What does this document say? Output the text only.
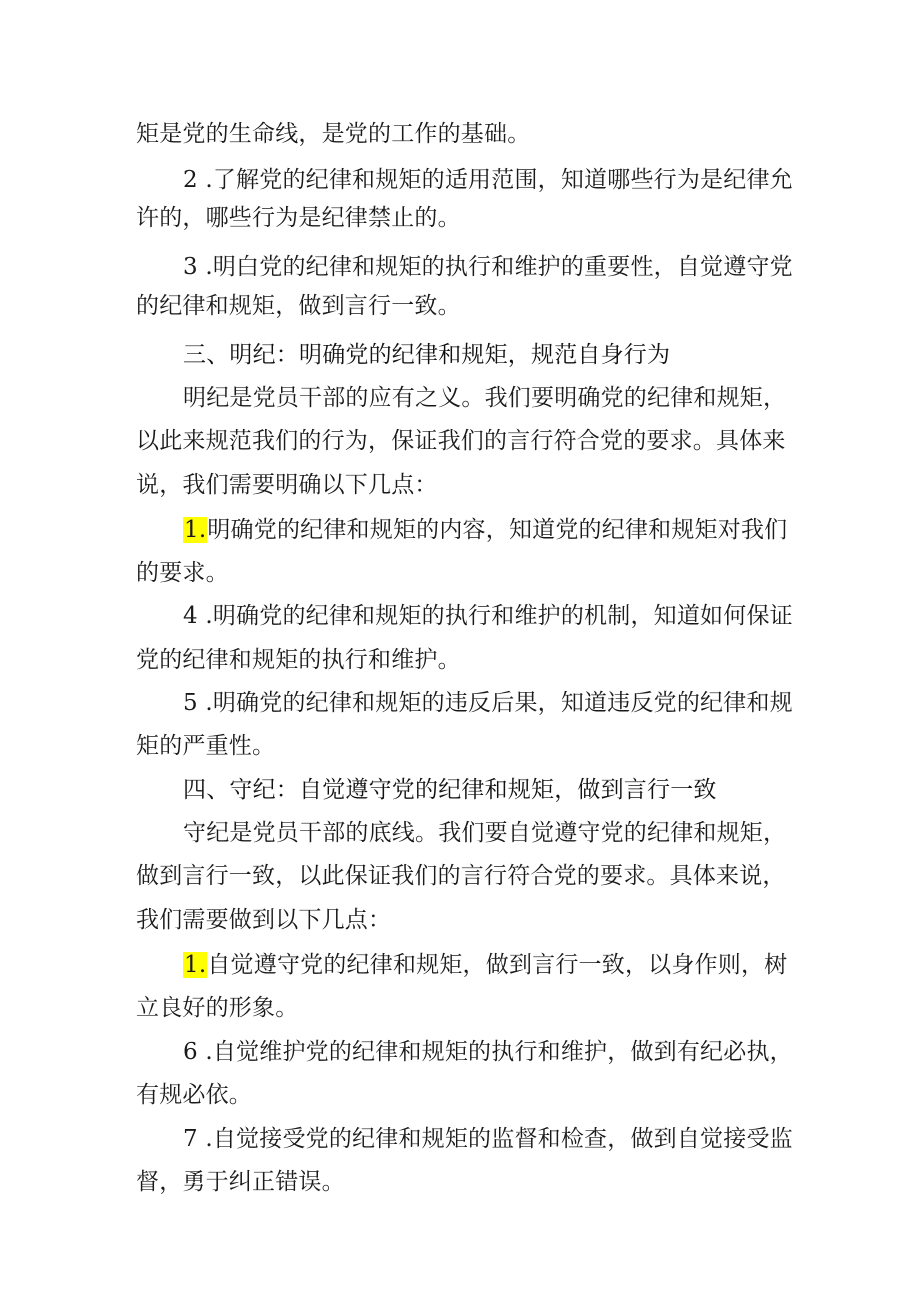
矩是党的生命线，是党的工作的基础。
2 .了解党的纪律和规矩的适用范围，知道哪些行为是纪律允
许的，哪些行为是纪律禁止的。
3 .明白党的纪律和规矩的执行和维护的重要性，自觉遵守党
的纪律和规矩，做到言行一致。
三、明纪：明确党的纪律和规矩，规范自身行为
明纪是党员干部的应有之义。我们要明确党的纪律和规矩，
以此来规范我们的行为，保证我们的言行符合党的要求。具体来
说，我们需要明确以下几点：
1.明确党的纪律和规矩的内容，知道党的纪律和规矩对我们
的要求。
4 .明确党的纪律和规矩的执行和维护的机制，知道如何保证
党的纪律和规矩的执行和维护。
5 .明确党的纪律和规矩的违反后果，知道违反党的纪律和规
矩的严重性。
四、守纪：自觉遵守党的纪律和规矩，做到言行一致
守纪是党员干部的底线。我们要自觉遵守党的纪律和规矩，
做到言行一致，以此保证我们的言行符合党的要求。具体来说，
我们需要做到以下几点：
1.自觉遵守党的纪律和规矩，做到言行一致，以身作则，树
立良好的形象。
6 .自觉维护党的纪律和规矩的执行和维护，做到有纪必执，
有规必依。
7 .自觉接受党的纪律和规矩的监督和检查，做到自觉接受监
督，勇于纠正错误。
